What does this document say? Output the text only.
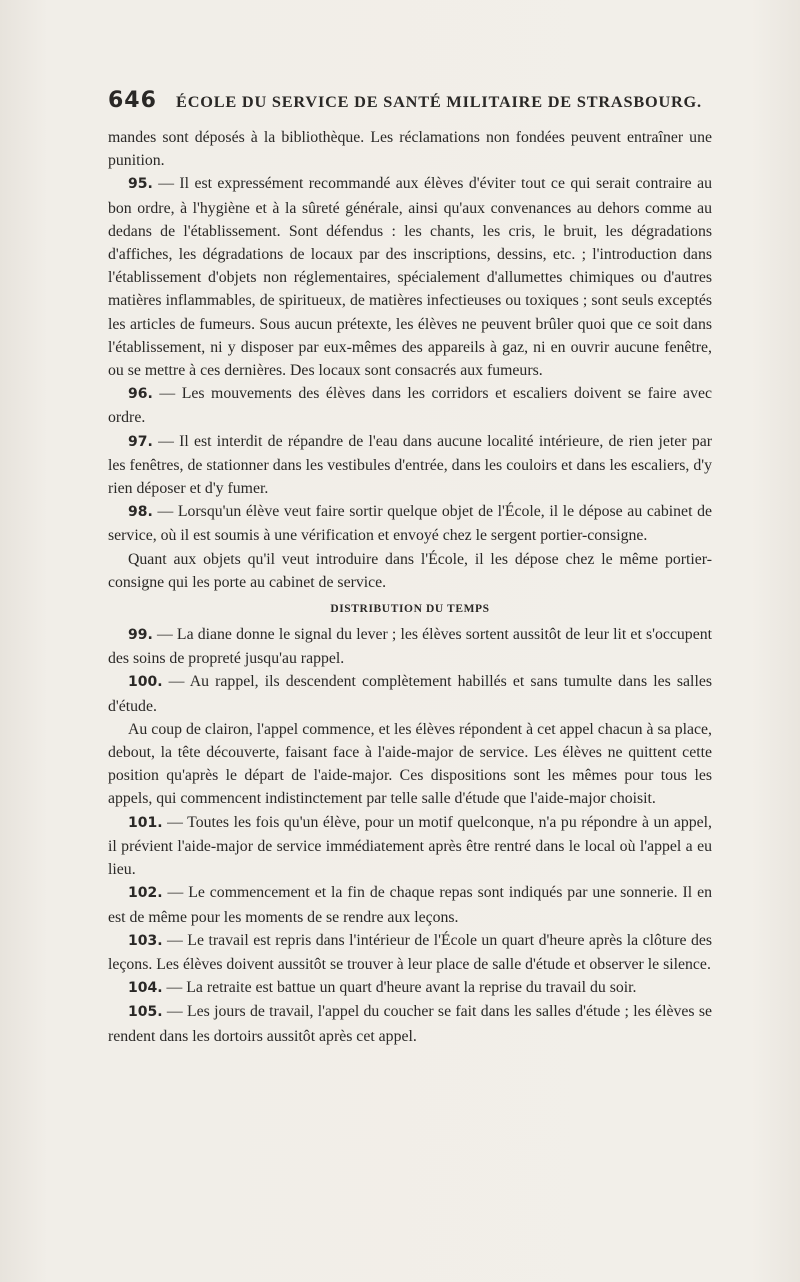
646 ÉCOLE DU SERVICE DE SANTÉ MILITAIRE DE STRASBOURG.

mandes sont déposés à la bibliothèque. Les réclamations non fondées peuvent entraîner une punition.

95. — Il est expressément recommandé aux élèves d'éviter tout ce qui serait contraire au bon ordre, à l'hygiène et à la sûreté générale, ainsi qu'aux convenances au dehors comme au dedans de l'établissement. Sont défendus : les chants, les cris, le bruit, les dégradations d'affiches, les dégradations de locaux par des inscriptions, dessins, etc. ; l'introduction dans l'établissement d'objets non réglementaires, spécialement d'allumettes chimiques ou d'autres matières inflammables, de spiritueux, de matières infectieuses ou toxiques ; sont seuls exceptés les articles de fumeurs. Sous aucun prétexte, les élèves ne peuvent brûler quoi que ce soit dans l'établissement, ni y disposer par eux-mêmes des appareils à gaz, ni en ouvrir aucune fenêtre, ou se mettre à ces dernières. Des locaux sont consacrés aux fumeurs.

96. — Les mouvements des élèves dans les corridors et escaliers doivent se faire avec ordre.

97. — Il est interdit de répandre de l'eau dans aucune localité intérieure, de rien jeter par les fenêtres, de stationner dans les vestibules d'entrée, dans les couloirs et dans les escaliers, d'y rien déposer et d'y fumer.

98. — Lorsqu'un élève veut faire sortir quelque objet de l'École, il le dépose au cabinet de service, où il est soumis à une vérification et envoyé chez le sergent portier-consigne.

Quant aux objets qu'il veut introduire dans l'École, il les dépose chez le même portier-consigne qui les porte au cabinet de service.

DISTRIBUTION DU TEMPS

99. — La diane donne le signal du lever ; les élèves sortent aussitôt de leur lit et s'occupent des soins de propreté jusqu'au rappel.

100. — Au rappel, ils descendent complètement habillés et sans tumulte dans les salles d'étude.

Au coup de clairon, l'appel commence, et les élèves répondent à cet appel chacun à sa place, debout, la tête découverte, faisant face à l'aide-major de service. Les élèves ne quittent cette position qu'après le départ de l'aide-major. Ces dispositions sont les mêmes pour tous les appels, qui commencent indistinctement par telle salle d'étude que l'aide-major choisit.

101. — Toutes les fois qu'un élève, pour un motif quelconque, n'a pu répondre à un appel, il prévient l'aide-major de service immédiatement après être rentré dans le local où l'appel a eu lieu.

102. — Le commencement et la fin de chaque repas sont indiqués par une sonnerie. Il en est de même pour les moments de se rendre aux leçons.

103. — Le travail est repris dans l'intérieur de l'École un quart d'heure après la clôture des leçons. Les élèves doivent aussitôt se trouver à leur place de salle d'étude et observer le silence.

104. — La retraite est battue un quart d'heure avant la reprise du travail du soir.

105. — Les jours de travail, l'appel du coucher se fait dans les salles d'étude ; les élèves se rendent dans les dortoirs aussitôt après cet appel.
